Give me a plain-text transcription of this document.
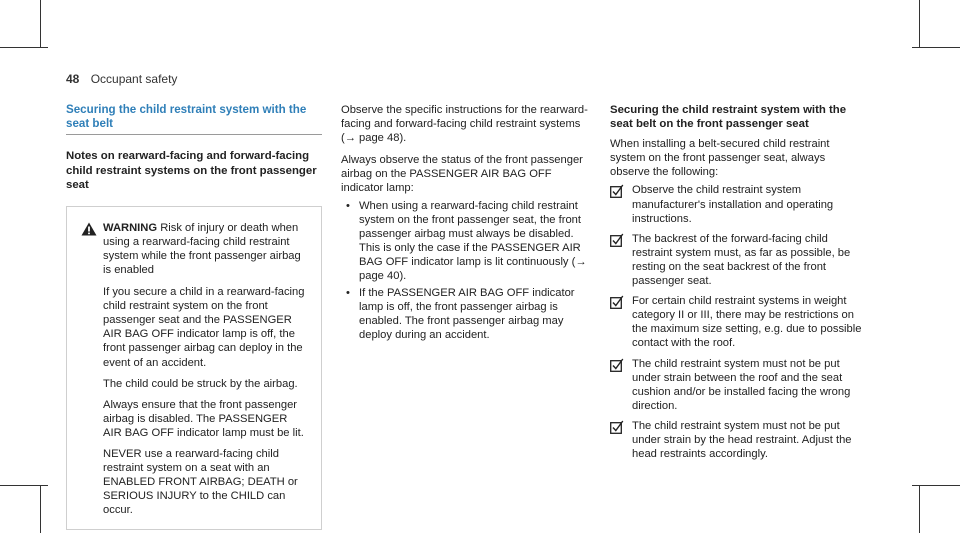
48 Occupant safety
Securing the child restraint system with the seat belt
Notes on rearward-facing and forward-facing child restraint systems on the front passenger seat

WARNING Risk of injury or death when using a rearward-facing child restraint system while the front passenger airbag is enabled

If you secure a child in a rearward-facing child restraint system on the front passenger seat and the PASSENGER AIR BAG OFF indicator lamp is off, the front passenger airbag can deploy in the event of an accident.

The child could be struck by the airbag.

Always ensure that the front passenger airbag is disabled. The PASSENGER AIR BAG OFF indicator lamp must be lit.

NEVER use a rearward-facing child restraint system on a seat with an ENABLED FRONT AIRBAG; DEATH or SERIOUS INJURY to the CHILD can occur.

Observe the specific instructions for the rearward-facing and forward-facing child restraint systems (→ page 48).

Always observe the status of the front passenger airbag on the PASSENGER AIR BAG OFF indicator lamp:

• When using a rearward-facing child restraint system on the front passenger seat, the front passenger airbag must always be disabled. This is only the case if the PASSENGER AIR BAG OFF indicator lamp is lit continuously (→ page 40).
• If the PASSENGER AIR BAG OFF indicator lamp is off, the front passenger airbag is enabled. The front passenger airbag may deploy during an accident.
Securing the child restraint system with the seat belt on the front passenger seat

When installing a belt-secured child restraint system on the front passenger seat, always observe the following:

Observe the child restraint system manufacturer's installation and operating instructions.
The backrest of the forward-facing child restraint system must, as far as possible, be resting on the seat backrest of the front passenger seat.
For certain child restraint systems in weight category II or III, there may be restrictions on the maximum size setting, e.g. due to possible contact with the roof.
The child restraint system must not be put under strain between the roof and the seat cushion and/or be installed facing the wrong direction.
The child restraint system must not be put under strain by the head restraint. Adjust the head restraints accordingly.
